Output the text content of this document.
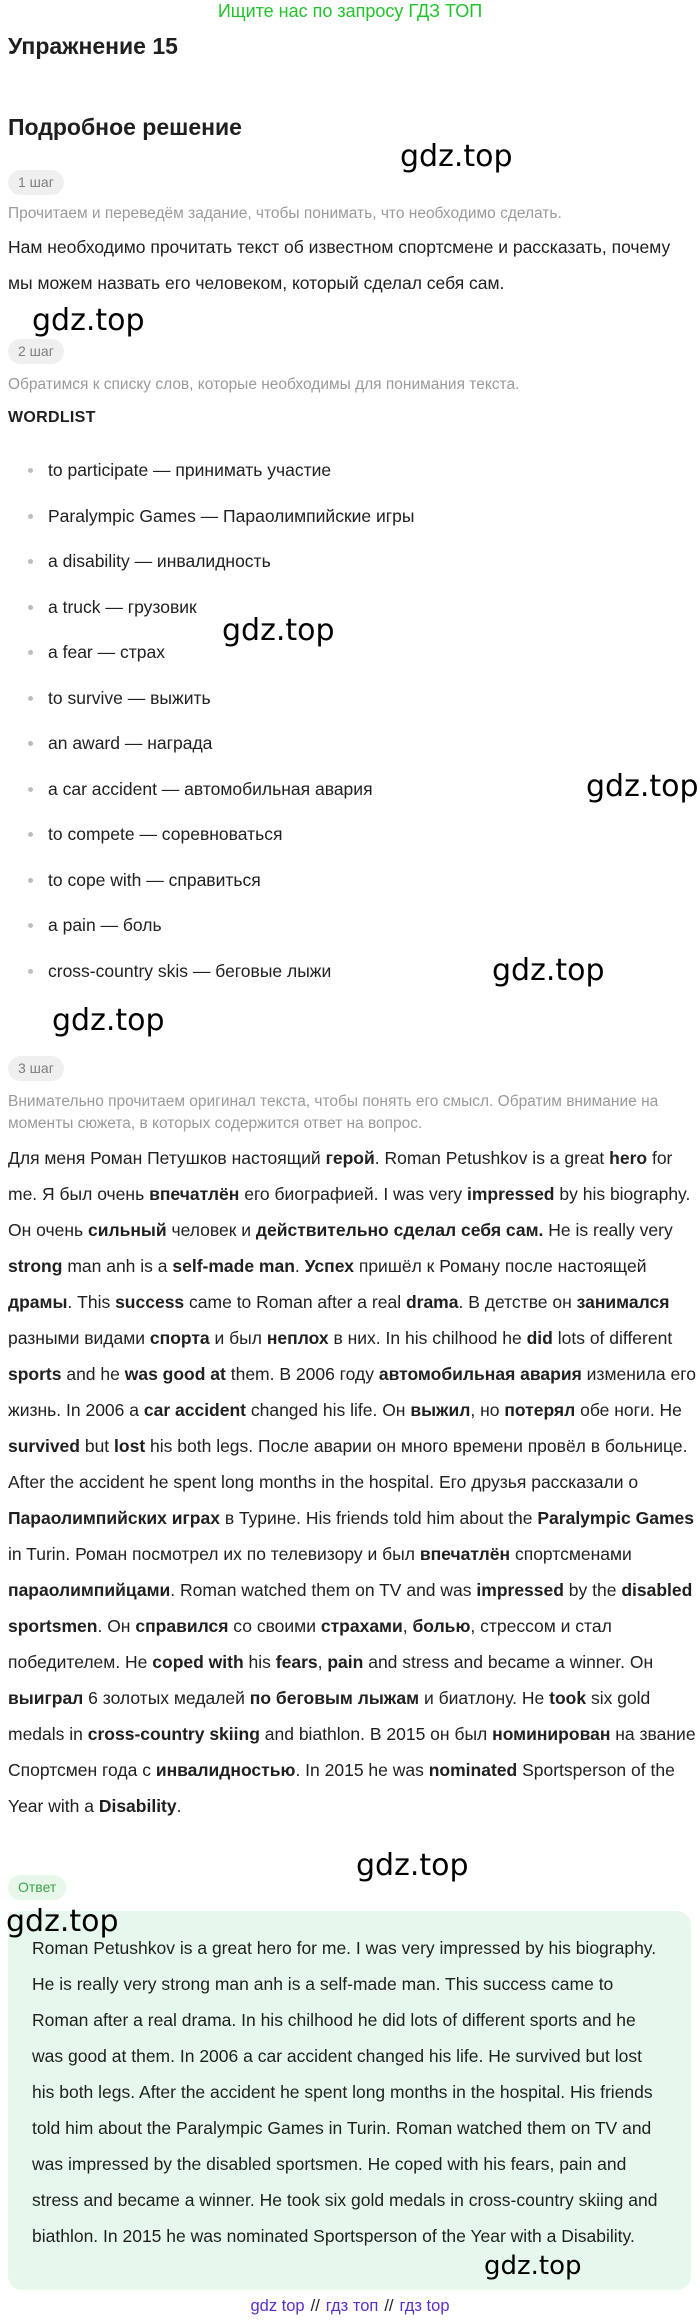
Ищите нас по запросу ГДЗ ТОП
Упражнение 15
Подробное решение
1 шаг
Прочитаем и переведём задание, чтобы понимать, что необходимо сделать.
Нам необходимо прочитать текст об известном спортсмене и рассказать, почему мы можем назвать его человеком, который сделал себя сам.
2 шаг
Обратимся к списку слов, которые необходимы для понимания текста.
WORDLIST
to participate — принимать участие
Paralympic Games — Параолимпийские игры
a disability — инвалидность
a truck — грузовик
a fear — страх
to survive — выжить
an award — награда
a car accident — автомобильная авария
to compete — соревноваться
to cope with — справиться
a pain — боль
cross-country skis — беговые лыжи
3 шаг
Внимательно прочитаем оригинал текста, чтобы понять его смысл. Обратим внимание на моменты сюжета, в которых содержится ответ на вопрос.
Для меня Роман Петушков настоящий герой. Roman Petushkov is a great hero for me. Я был очень впечатлён его биографией. I was very impressed by his biography. Он очень сильный человек и действительно сделал себя сам. He is really very strong man anh is a self-made man. Успех пришёл к Роману после настоящей драмы. This success came to Roman after a real drama. В детстве он занимался разными видами спорта и был неплох в них. In his chilhood he did lots of different sports and he was good at them. В 2006 году автомобильная авария изменила его жизнь. In 2006 a car accident changed his life. Он выжил, но потерял обе ноги. He survived but lost his both legs. После аварии он много времени провёл в больнице. After the accident he spent long months in the hospital. Его друзья рассказали о Параолимпийских играх в Турине. His friends told him about the Paralympic Games in Turin. Роман посмотрел их по телевизору и был впечатлён спортсменами параолимпийцами. Roman watched them on TV and was impressed by the disabled sportsmen. Он справился со своими страхами, болью, стрессом и стал победителем. He coped with his fears, pain and stress and became a winner. Он выиграл 6 золотых медалей по беговым лыжам и биатлону. He took six gold medals in cross-country skiing and biathlon. В 2015 он был номинирован на звание Спортсмен года с инвалидностью. In 2015 he was nominated Sportsperson of the Year with a Disability.
Ответ
Roman Petushkov is a great hero for me. I was very impressed by his biography. He is really very strong man anh is a self-made man. This success came to Roman after a real drama. In his chilhood he did lots of different sports and he was good at them. In 2006 a car accident changed his life. He survived but lost his both legs. After the accident he spent long months in the hospital. His friends told him about the Paralympic Games in Turin. Roman watched them on TV and was impressed by the disabled sportsmen. He coped with his fears, pain and stress and became a winner. He took six gold medals in cross-country skiing and biathlon. In 2015 he was nominated Sportsperson of the Year with a Disability.
gdz.top
gdz.top
gdz.top
gdz.top
gdz.top
gdz.top
gdz.top
gdz.top
gdz.top
gdz top // гдз топ // гдз top
